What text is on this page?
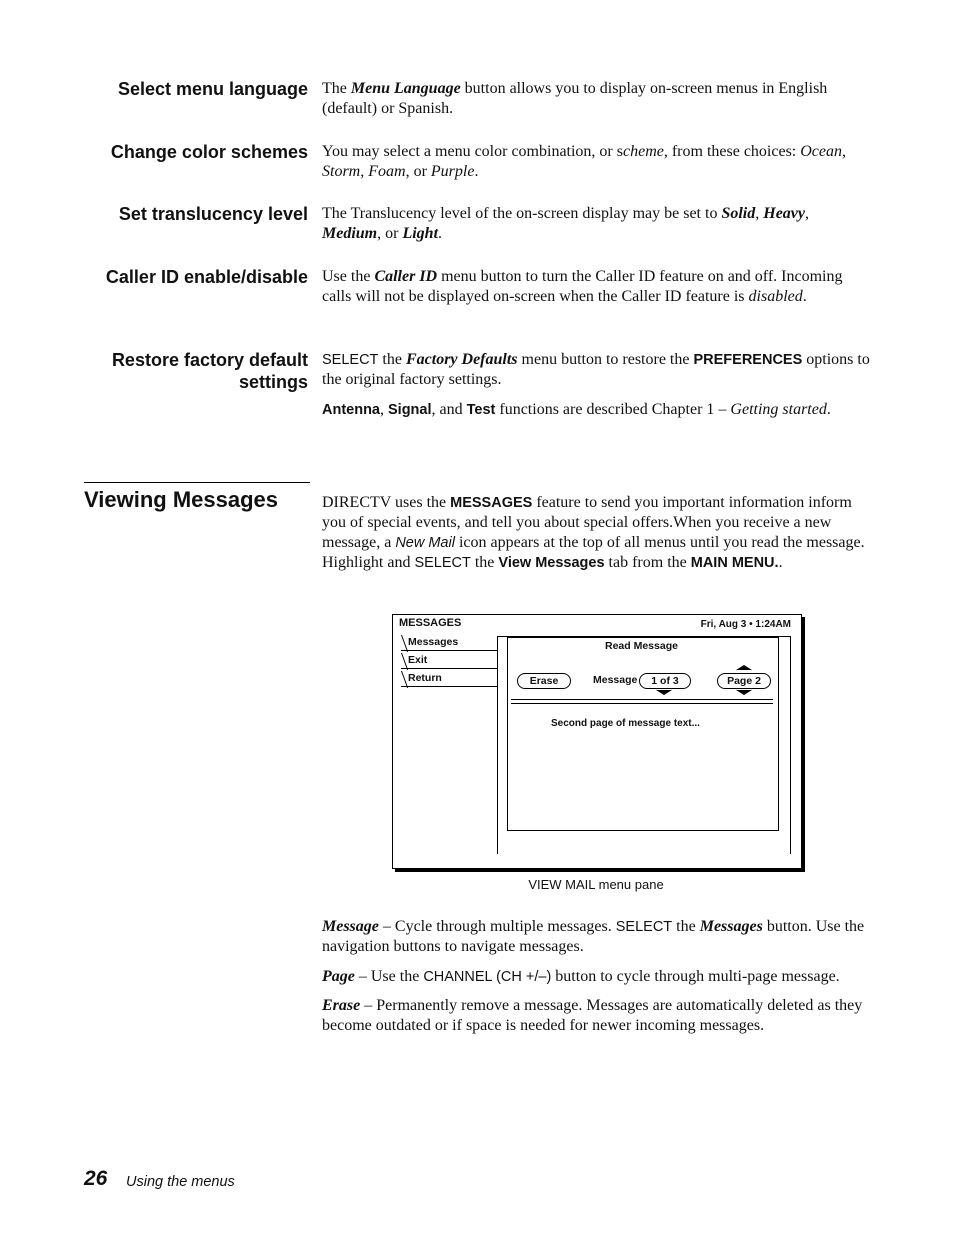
Select menu language The Menu Language button allows you to display on-screen menus in English (default) or Spanish.
Change color schemes You may select a menu color combination, or scheme, from these choices: Ocean, Storm, Foam, or Purple.
Set translucency level The Translucency level of the on-screen display may be set to Solid, Heavy, Medium, or Light.
Caller ID enable/disable Use the Caller ID menu button to turn the Caller ID feature on and off. Incoming calls will not be displayed on-screen when the Caller ID feature is disabled.
Restore factory default
settings
SELECT the Factory Defaults menu button to restore the PREFERENCES options to the original factory settings.
Antenna, Signal, and Test functions are described Chapter 1 – Getting started.
Viewing Messages	DIRECTV uses the MESSAGES feature to send you important information inform you of special events, and tell you about special offers.When you receive a new message, a New Mail icon appears at the top of all menus until you read the message. Highlight and SELECT the View Messages tab from the MAIN MENU..
MESSAGES	Fri, Aug 3 • 1:24AM
Messages
Exit
Return
Read Message
Erase	Message	1 of 3	Page 2
Second page of message text...
VIEW MAIL menu pane
Message – Cycle through multiple messages. SELECT the Messages button. Use the navigation buttons to navigate messages.
Page – Use the CHANNEL (CH +/–) button to cycle through multi-page message.
Erase – Permanently remove a message. Messages are automatically deleted as they become outdated or if space is needed for newer incoming messages.
26 Using the menus
